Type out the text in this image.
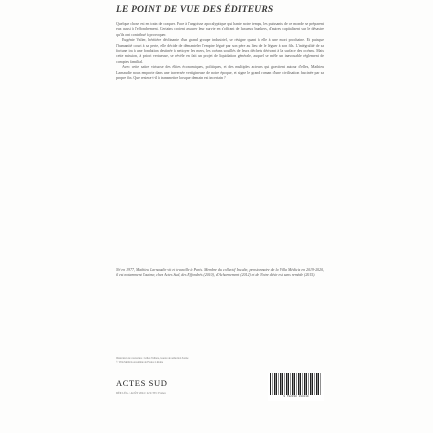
LE POINT DE VUE DES ÉDITEURS

Quelque chose est en train de craquer. Face à l'angoisse apocalyptique qui hante notre temps, les puissants de ce monde se préparent eux aussi à l'effondrement. Certains croient assurer leur survie en s'offrant de luxueux bunkers, d'autres capitalisent sur le désastre qu'ils ont contribué à provoquer.

Eugénie Valier, héritière déclinante d'un grand groupe industriel, se résigne quant à elle à une mort prochaine. Et puisque l'humanité court à sa perte, elle décide de démanteler l'empire légué par son père au lieu de le léguer à son fils. L'intégralité de sa fortune ira à une fondation destinée à nettoyer les mers, les océans souillés de leurs déchets dérivant à la surface des océans. Mais cette mission, à priori vertueuse, se révèle en fait un projet de liquidation générale, auquel se mêle un inavouable règlement de comptes familial.

Avec cette satire virtuose des élites économiques, politiques, et des multiples acteurs qui gravitent autour d'elles, Mathieu Larnaudie nous emporte dans une traversée vertigineuse de notre époque, et signe le grand roman d'une civilisation fascinée par sa propre fin. Que restera-t-il à transmettre lorsque demain est incertain ?

Né en 1977, Mathieu Larnaudie vit et travaille à Paris. Membre du collectif Inculte, pensionnaire de la Villa Médicis en 2019-2020, il est notamment l'auteur, chez Actes Sud, des Effondrés (2010), d'Acharnement (2012) et de Notre désir est sans remède (2015).

Illustration de couverture : Gilles Valliere, Guerre de séduction Sonne

© Villa Médicis Académie de France à Rome

ACTES SUD
DÉP. LÉG. : AOÛT 2024 / 22 € TTC France
9 782330 194119
